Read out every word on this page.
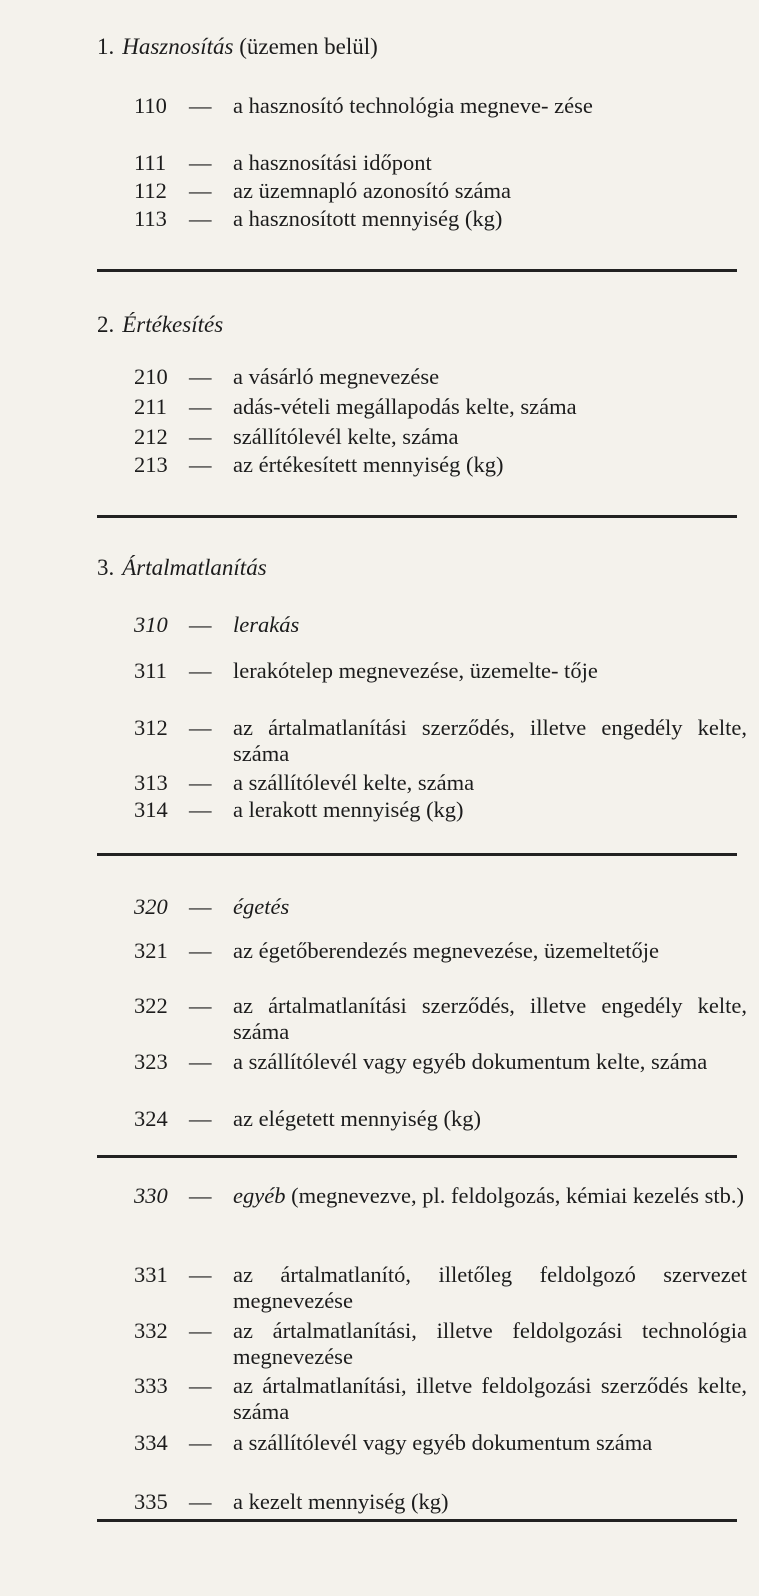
1. Hasznosítás (üzemen belül)
110 — a hasznosító technológia megneve- zése
111	— a hasznosítási időpont
112 — az üzemnapló azonosító száma
113 — a hasznosított mennyiség (kg)
2. Értékesítés
210 — a vásárló megnevezése
211 — adás-vételi megállapodás kelte, száma
212 — szállítólevél kelte, száma
213 — az értékesített mennyiség (kg)
3. Ártalmatlanítás
310 — lerakás
311 — lerakótelep megnevezése, üzemelte- tője
312 — az ártalmatlanítási szerződés, illetve engedély kelte, száma
313 — a szállítólevél kelte, száma
314 — a lerakott mennyiség (kg)
320 — égetés
321 — az égetőberendezés megnevezése, üzemeltetője
322 — az ártalmatlanítási szerződés, illetve engedély kelte, száma
323 — a szállítólevél vagy egyéb dokumentum kelte, száma
324 — az elégetett mennyiség (kg)
330 — egyéb (megnevezve, pl. feldolgozás, kémiai kezelés stb.)
331 — az ártalmatlanító, illetőleg feldolgozó szervezet megnevezése
332 — az ártalmatlanítási, illetve feldolgozási technológia megnevezése
333 — az ártalmatlanítási, illetve feldolgozási szerződés kelte, száma
334 — a szállítólevél vagy egyéb dokumentum száma
335 — a kezelt mennyiség (kg)
